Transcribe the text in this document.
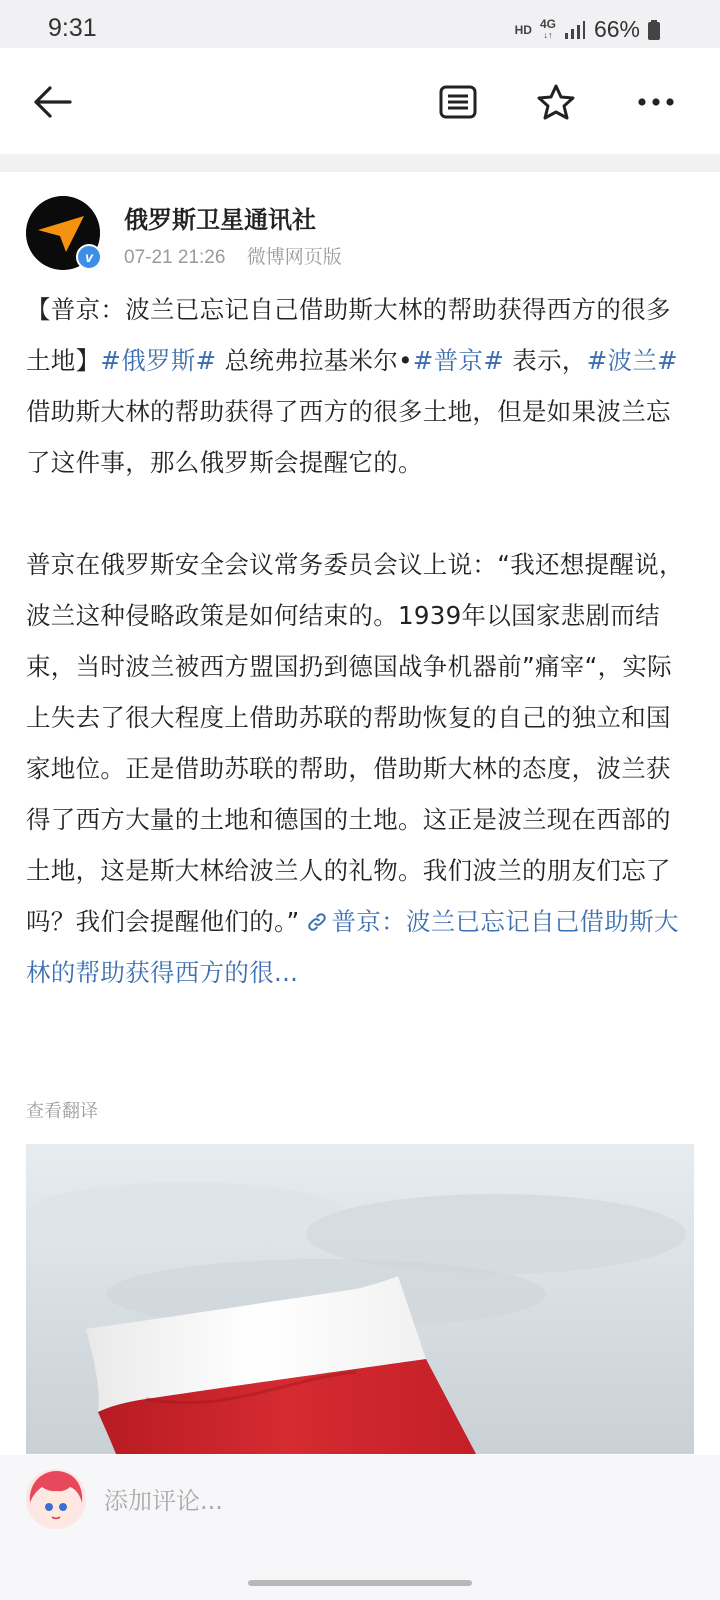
9:31	HD 4G
↓↑ 66%
v
俄罗斯卫星通讯社
07-21 21:26 微博网页版

【普京：波兰已忘记自己借助斯大林的帮助获得西方的很多土地】#俄罗斯# 总统弗拉基米尔•#普京# 表示，#波兰# 借助斯大林的帮助获得了西方的很多土地，但是如果波兰忘了这件事，那么俄罗斯会提醒它的。

普京在俄罗斯安全会议常务委员会议上说：“我还想提醒说，波兰这种侵略政策是如何结束的。1939年以国家悲剧而结束，当时波兰被西方盟国扔到德国战争机器前”痛宰“，实际上失去了很大程度上借助苏联的帮助恢复的自己的独立和国家地位。正是借助苏联的帮助，借助斯大林的态度，波兰获得了西方大量的土地和德国的土地。这正是波兰现在西部的土地，这是斯大林给波兰人的礼物。我们波兰的朋友们忘了吗？我们会提醒他们的。” 普京：波兰已忘记自己借助斯大林的帮助获得西方的很...

查看翻译
添加评论...
